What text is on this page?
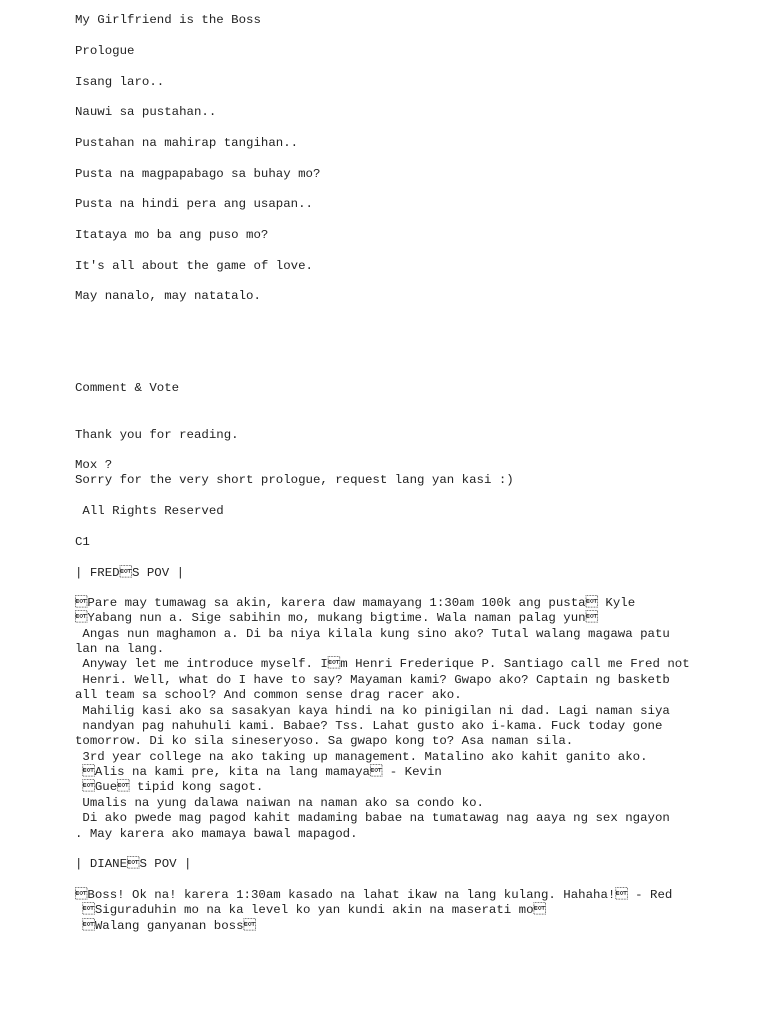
My Girlfriend is the Boss

Prologue

Isang laro..

Nauwi sa pustahan..

Pustahan na mahirap tangihan..

Pusta na magpapabago sa buhay mo?

Pusta na hindi pera ang usapan..

Itataya mo ba ang puso mo?

It's all about the game of love.

May nanalo, may natatalo.

Comment & Vote

Thank you for reading.

Mox ?

Sorry for the very short prologue, request lang yan kasi :)

All Rights Reserved

C1

| FREDS POV |

Pare may tumawag sa akin, karera daw mamayang 1:30am 100k ang pusta Kyle

Yabang nun a. Sige sabihin mo, mukang bigtime. Wala naman palag yun

Angas nun maghamon a. Di ba niya kilala kung sino ako? Tutal walang magawa patu

lan na lang.

Anyway let me introduce myself. Im Henri Frederique P. Santiago call me Fred not

Henri. Well, what do I have to say? Mayaman kami? Gwapo ako? Captain ng basketb

all team sa school? And common sense drag racer ako.

Mahilig kasi ako sa sasakyan kaya hindi na ko pinigilan ni dad. Lagi naman siya

nandyan pag nahuhuli kami. Babae? Tss. Lahat gusto ako i-kama. Fuck today gone

tomorrow. Di ko sila sineseryoso. Sa gwapo kong to? Asa naman sila.

3rd year college na ako taking up management. Matalino ako kahit ganito ako.

Alis na kami pre, kita na lang mamaya - Kevin

Gue tipid kong sagot.

Umalis na yung dalawa naiwan na naman ako sa condo ko.

Di ako pwede mag pagod kahit madaming babae na tumatawag nag aaya ng sex ngayon

. May karera ako mamaya bawal mapagod.

| DIANES POV |

Boss! Ok na! karera 1:30am kasado na lahat ikaw na lang kulang. Hahaha! - Red

Siguraduhin mo na ka level ko yan kundi akin na maserati mo

Walang ganyanan boss
